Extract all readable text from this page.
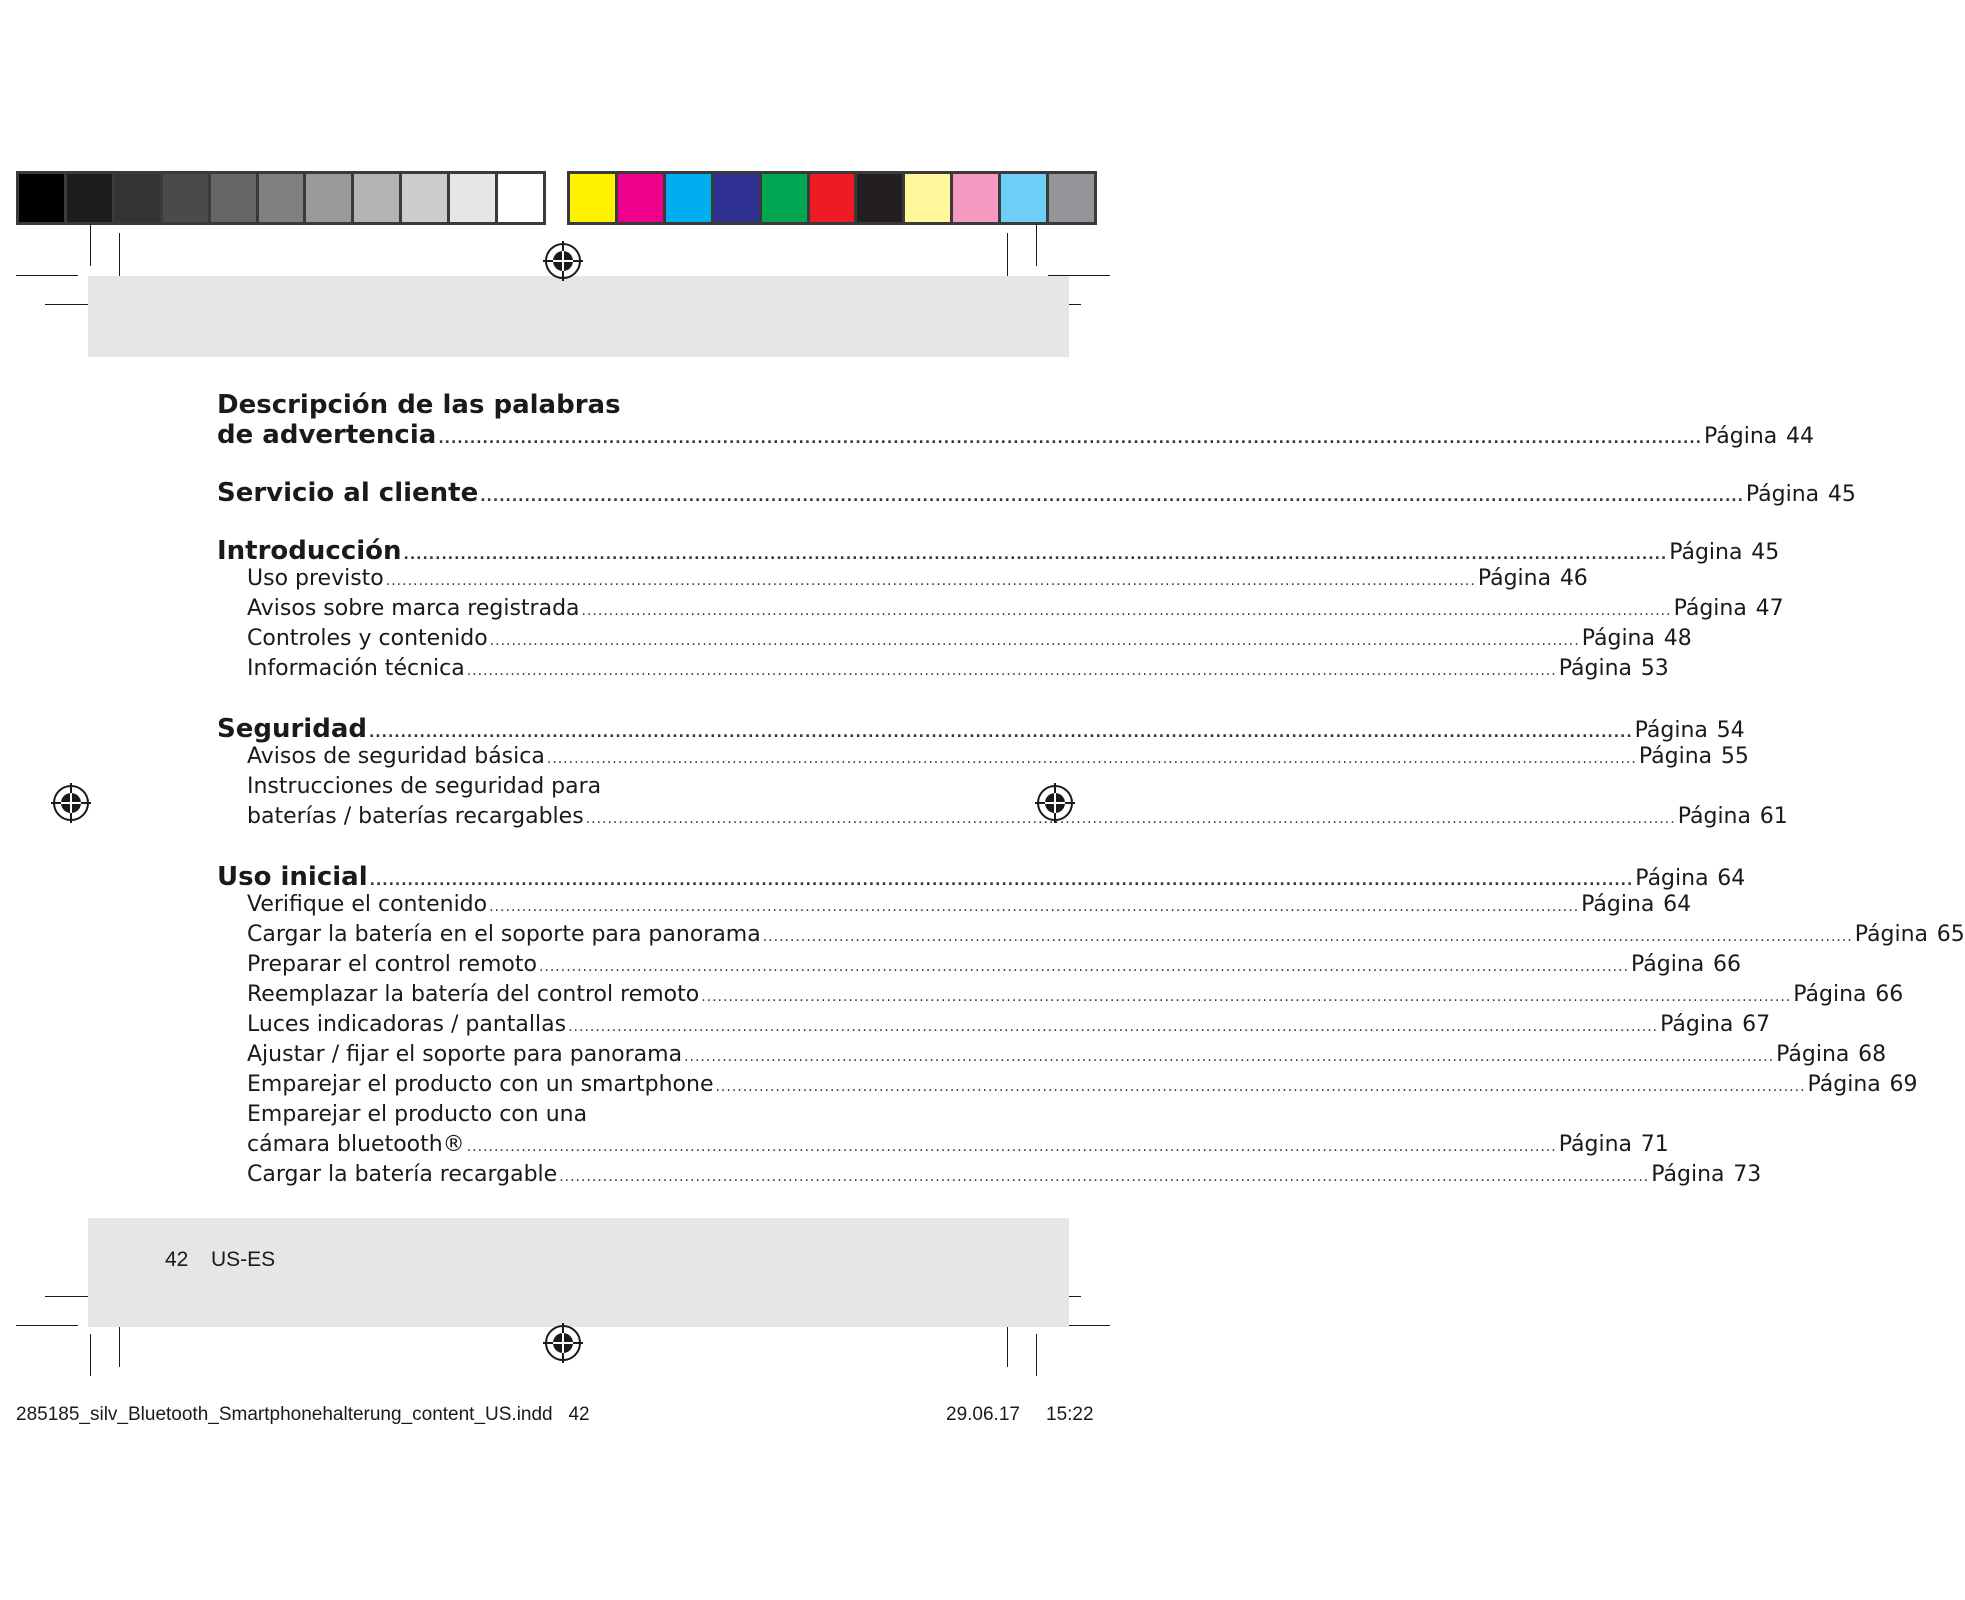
Descripción de las palabras
de advertencia ........................................................................................................................................................................................................ Página 44
Servicio al cliente ........................................................................................................................................................................................................ Página 45
Introducción ........................................................................................................................................................................................................ Página 45
Uso previsto ........................................................................................................................................................................................................ Página 46
Avisos sobre marca registrada ........................................................................................................................................................................................................ Página 47
Controles y contenido ........................................................................................................................................................................................................ Página 48
Información técnica ........................................................................................................................................................................................................ Página 53
Seguridad ........................................................................................................................................................................................................ Página 54
Avisos de seguridad básica ........................................................................................................................................................................................................ Página 55
Instrucciones de seguridad para
baterías / baterías recargables ........................................................................................................................................................................................................ Página 61
Uso inicial ........................................................................................................................................................................................................ Página 64
Verifique el contenido ........................................................................................................................................................................................................ Página 64
Cargar la batería en el soporte para panorama ........................................................................................................................................................................................................ Página 65
Preparar el control remoto ........................................................................................................................................................................................................ Página 66
Reemplazar la batería del control remoto ........................................................................................................................................................................................................ Página 66
Luces indicadoras / pantallas ........................................................................................................................................................................................................ Página 67
Ajustar / fijar el soporte para panorama ........................................................................................................................................................................................................ Página 68
Emparejar el producto con un smartphone ........................................................................................................................................................................................................ Página 69
Emparejar el producto con una
cámara bluetooth® ........................................................................................................................................................................................................ Página 71
Cargar la batería recargable ........................................................................................................................................................................................................ Página 73
42 US-ES
285185_silv_Bluetooth_Smartphonehalterung_content_US.indd   42	29.06.17 15:22
